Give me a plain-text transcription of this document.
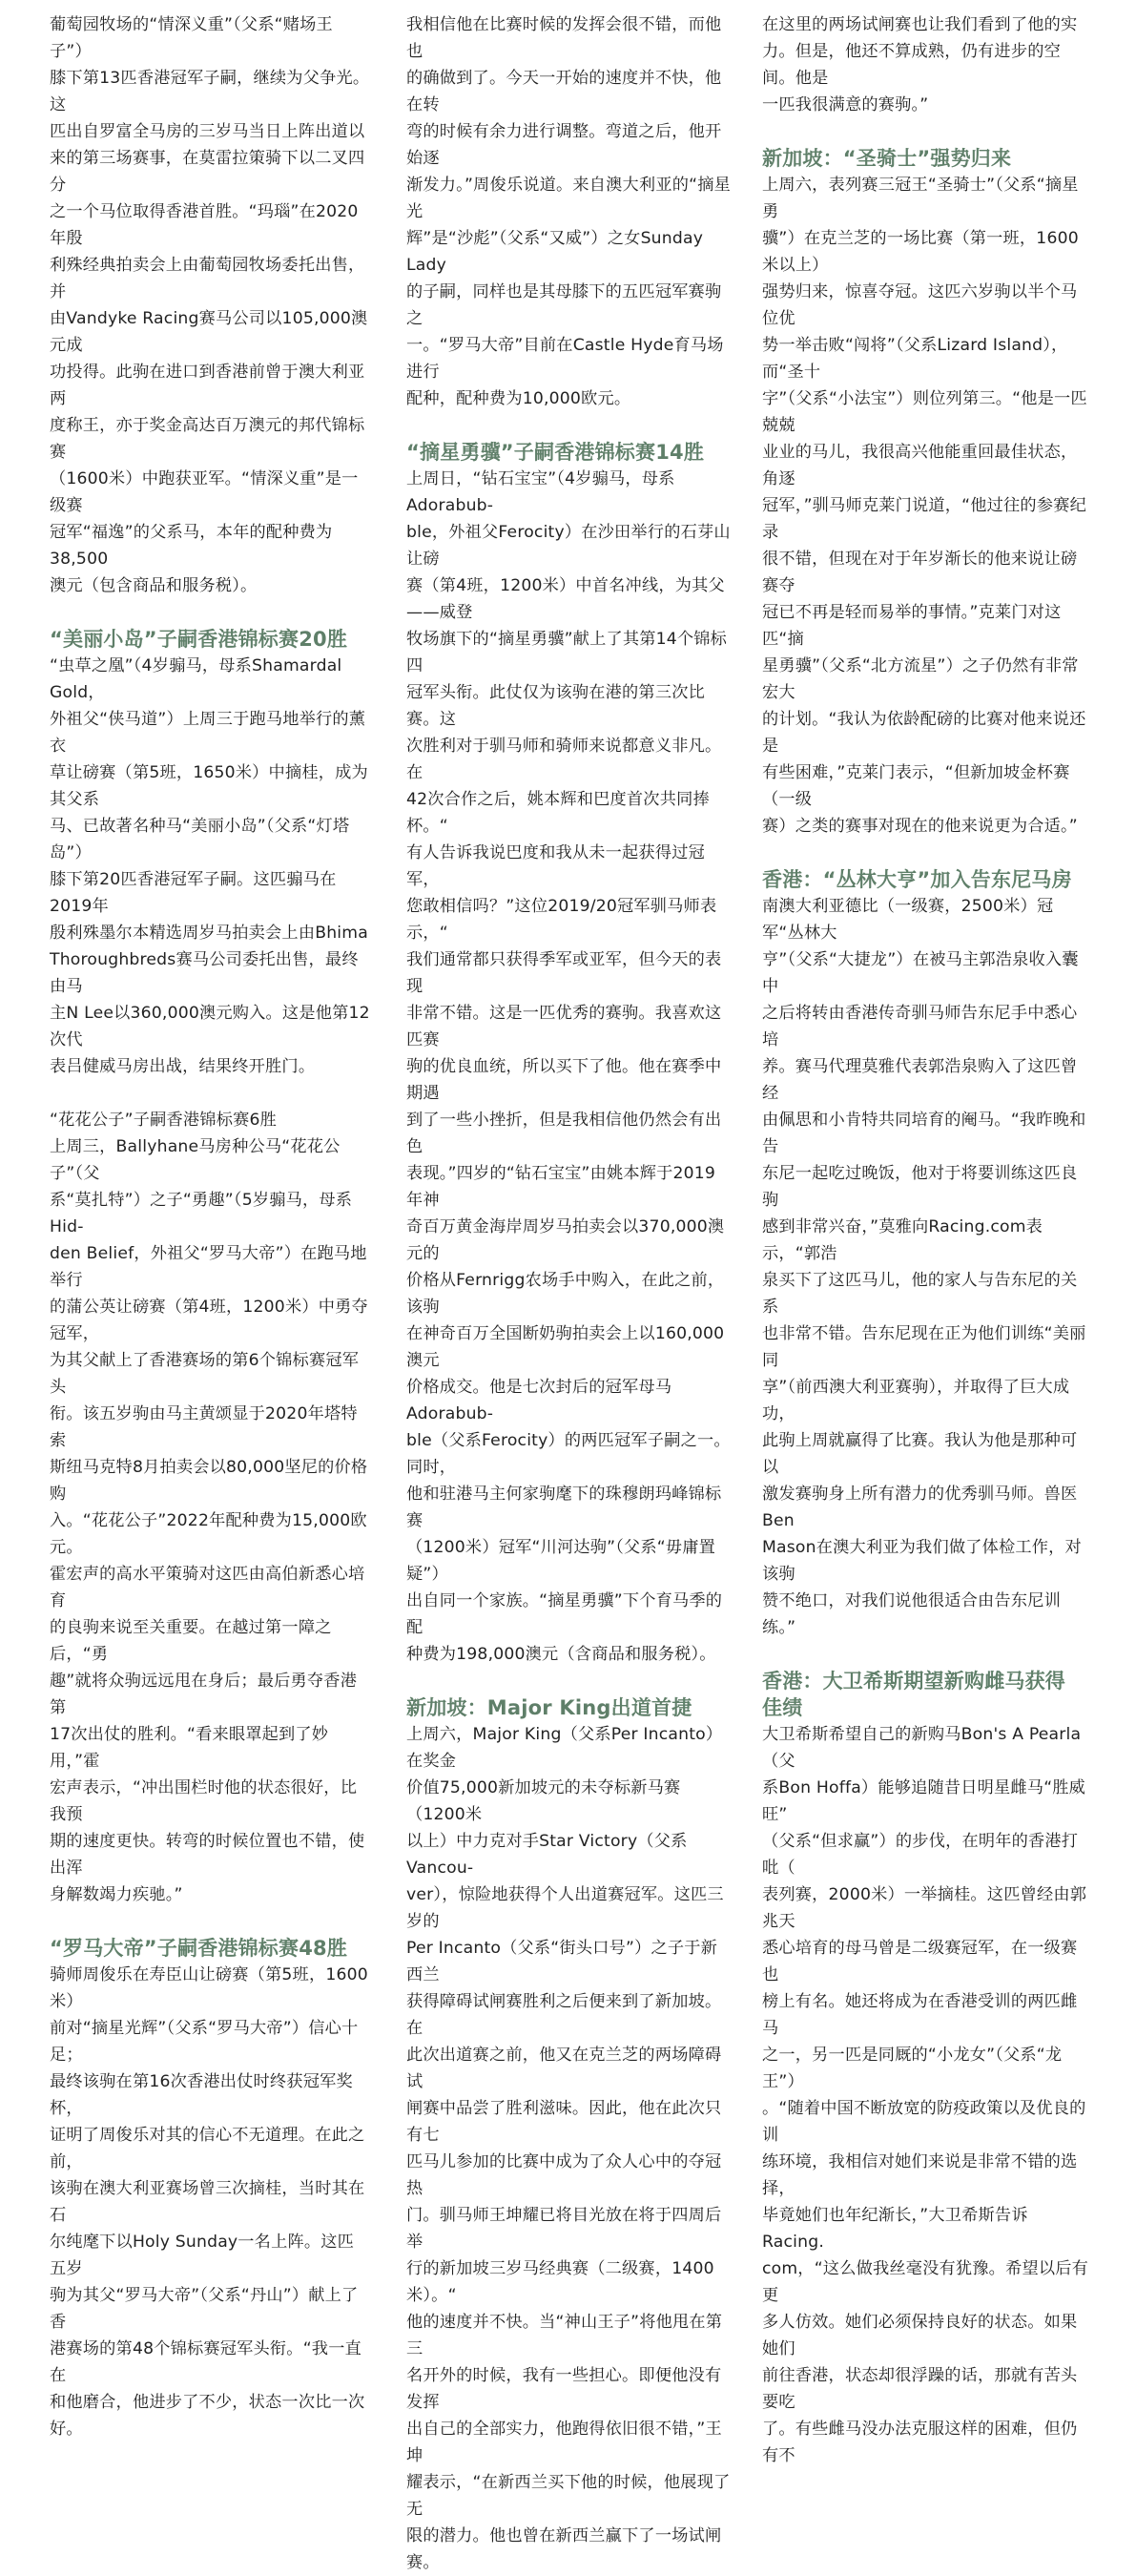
葡萄园牧场的“情深义重”（父系“赌场王子”）
膝下第13匹香港冠军子嗣，继续为父争光。这
匹出自罗富全马房的三岁马当日上阵出道以
来的第三场赛事，在莫雷拉策骑下以二叉四分
之一个马位取得香港首胜。“玛瑙”在2020年殷
利殊经典拍卖会上由葡萄园牧场委托出售，并
由Vandyke Racing赛马公司以105,000澳元成
功投得。此驹在进口到香港前曾于澳大利亚两
度称王，亦于奖金高达百万澳元的邦代锦标赛
（1600米）中跑获亚军。“情深义重”是一级赛
冠军“福逸”的父系马，本年的配种费为38,500
澳元（包含商品和服务税）。

“美丽小岛”子嗣香港锦标赛20胜

“虫草之凰”（4岁骟马，母系Shamardal Gold，
外祖父“侠马道”）上周三于跑马地举行的薰衣
草让磅赛（第5班，1650米）中摘桂，成为其父系
马、已故著名种马“美丽小岛”（父系“灯塔岛”）
膝下第20匹香港冠军子嗣。这匹骟马在2019年
殷利殊墨尔本精选周岁马拍卖会上由Bhima
Thoroughbreds赛马公司委托出售，最终由马
主N Lee以360,000澳元购入。这是他第12次代
表吕健威马房出战，结果终开胜门。

“花花公子”子嗣香港锦标赛6胜

上周三，Ballyhane马房种公马“花花公子”（父
系“莫扎特”）之子“勇趣”（5岁骟马，母系Hid-
den Belief，外祖父“罗马大帝”）在跑马地举行
的蒲公英让磅赛（第4班，1200米）中勇夺冠军，
为其父献上了香港赛场的第6个锦标赛冠军头
衔。该五岁驹由马主黄颂显于2020年塔特索
斯纽马克特8月拍卖会以80,000坚尼的价格购
入。“花花公子”2022年配种费为15,000欧元。
霍宏声的高水平策骑对这匹由高伯新悉心培育
的良驹来说至关重要。在越过第一障之后，“勇
趣”就将众驹远远甩在身后；最后勇夺香港第
17次出仗的胜利。“看来眼罩起到了妙用，”霍
宏声表示，“冲出围栏时他的状态很好，比我预
期的速度更快。转弯的时候位置也不错，使出浑
身解数竭力疾驰。”

“罗马大帝”子嗣香港锦标赛48胜

骑师周俊乐在寿臣山让磅赛（第5班，1600米）
前对“摘星光辉”（父系“罗马大帝”）信心十足；
最终该驹在第16次香港出仗时终获冠军奖杯，
证明了周俊乐对其的信心不无道理。在此之前，
该驹在澳大利亚赛场曾三次摘桂，当时其在石
尔纯麾下以Holy Sunday一名上阵。这匹五岁
驹为其父“罗马大帝”（父系“丹山”）献上了香
港赛场的第48个锦标赛冠军头衔。“我一直在
和他磨合，他进步了不少，状态一次比一次好。

我相信他在比赛时候的发挥会很不错，而他也
的确做到了。今天一开始的速度并不快，他在转
弯的时候有余力进行调整。弯道之后，他开始逐
渐发力。”周俊乐说道。来自澳大利亚的“摘星光
辉”是“沙彪”（父系“又威”）之女Sunday Lady
的子嗣，同样也是其母膝下的五匹冠军赛驹之
一。“罗马大帝”目前在Castle Hyde育马场进行
配种，配种费为10,000欧元。

“摘星勇骥”子嗣香港锦标赛14胜

上周日，“钻石宝宝”（4岁骟马，母系Adorabub-
ble，外祖父Ferocity）在沙田举行的石芽山让磅
赛（第4班，1200米）中首名冲线，为其父——威登
牧场旗下的“摘星勇骥”献上了其第14个锦标四
冠军头衔。此仗仅为该驹在港的第三次比赛。这
次胜利对于驯马师和骑师来说都意义非凡。在
42次合作之后，姚本辉和巴度首次共同捧杯。“
有人告诉我说巴度和我从未一起获得过冠军，
您敢相信吗？”这位2019/20冠军驯马师表示，“
我们通常都只获得季军或亚军，但今天的表现
非常不错。这是一匹优秀的赛驹。我喜欢这匹赛
驹的优良血统，所以买下了他。他在赛季中期遇
到了一些小挫折，但是我相信他仍然会有出色
表现。”四岁的“钻石宝宝”由姚本辉于2019年神
奇百万黄金海岸周岁马拍卖会以370,000澳元的
价格从Fernrigg农场手中购入，在此之前，该驹
在神奇百万全国断奶驹拍卖会上以160,000澳元
价格成交。他是七次封后的冠军母马Adorabub-
ble（父系Ferocity）的两匹冠军子嗣之一。同时，
他和驻港马主何家驹麾下的珠穆朗玛峰锦标赛
（1200米）冠军“川河达驹”（父系“毋庸置疑”）
出自同一个家族。“摘星勇骥”下个育马季的配
种费为198,000澳元（含商品和服务税）。

新加坡：Major King出道首捷

上周六，Major King（父系Per Incanto）在奖金
价值75,000新加坡元的未夺标新马赛（1200米
以上）中力克对手Star Victory（父系Vancou-
ver），惊险地获得个人出道赛冠军。这匹三岁的
Per Incanto（父系“街头口号”）之子于新西兰
获得障碍试闸赛胜利之后便来到了新加坡。在
此次出道赛之前，他又在克兰芝的两场障碍试
闸赛中品尝了胜利滋味。因此，他在此次只有七
匹马儿参加的比赛中成为了众人心中的夺冠热
门。驯马师王坤耀已将目光放在将于四周后举
行的新加坡三岁马经典赛（二级赛，1400米）。“
他的速度并不快。当“神山王子”将他甩在第三
名开外的时候，我有一些担心。即便他没有发挥
出自己的全部实力，他跑得依旧很不错，”王坤
耀表示，“在新西兰买下他的时候，他展现了无
限的潜力。他也曾在新西兰赢下了一场试闸赛。

在这里的两场试闸赛也让我们看到了他的实
力。但是，他还不算成熟，仍有进步的空间。他是
一匹我很满意的赛驹。”

新加坡：“圣骑士”强势归来

上周六，表列赛三冠王“圣骑士”（父系“摘星勇
骥”）在克兰芝的一场比赛（第一班，1600米以上）
强势归来，惊喜夺冠。这匹六岁驹以半个马位优
势一举击败“闯将”（父系Lizard Island），而“圣十
字”（父系“小法宝”）则位列第三。“他是一匹兢兢
业业的马儿，我很高兴他能重回最佳状态，角逐
冠军，”驯马师克莱门说道，“他过往的参赛纪录
很不错，但现在对于年岁渐长的他来说让磅赛夺
冠已不再是轻而易举的事情。”克莱门对这匹“摘
星勇骥”（父系“北方流星”）之子仍然有非常宏大
的计划。“我认为依龄配磅的比赛对他来说还是
有些困难，”克莱门表示，“但新加坡金杯赛（一级
赛）之类的赛事对现在的他来说更为合适。”

香港：“丛林大亨”加入告东尼马房

南澳大利亚德比（一级赛，2500米）冠军“丛林大
亨”（父系“大捷龙”）在被马主郭浩泉收入囊中
之后将转由香港传奇驯马师告东尼手中悉心培
养。赛马代理莫雅代表郭浩泉购入了这匹曾经
由佩思和小肯特共同培育的阉马。“我昨晚和告
东尼一起吃过晚饭，他对于将要训练这匹良驹
感到非常兴奋，”莫雅向Racing.com表示，“郭浩
泉买下了这匹马儿，他的家人与告东尼的关系
也非常不错。告东尼现在正为他们训练“美丽同
享”（前西澳大利亚赛驹），并取得了巨大成功，
此驹上周就赢得了比赛。我认为他是那种可以
激发赛驹身上所有潜力的优秀驯马师。兽医Ben
Mason在澳大利亚为我们做了体检工作，对该驹
赞不绝口，对我们说他很适合由告东尼训练。”

香港：大卫希斯期望新购雌马获得
佳绩

大卫希斯希望自己的新购马Bon's A Pearla（父
系Bon Hoffa）能够追随昔日明星雌马“胜威旺”
（父系“但求赢”）的步伐，在明年的香港打吡（
表列赛，2000米）一举摘桂。这匹曾经由郭兆天
悉心培育的母马曾是二级赛冠军，在一级赛也
榜上有名。她还将成为在香港受训的两匹雌马
之一，另一匹是同厩的“小龙女”（父系“龙王”）
。“随着中国不断放宽的防疫政策以及优良的训
练环境，我相信对她们来说是非常不错的选择，
毕竟她们也年纪渐长，”大卫希斯告诉Racing.
com，“这么做我丝毫没有犹豫。希望以后有更
多人仿效。她们必须保持良好的状态。如果她们
前往香港，状态却很浮躁的话，那就有苦头要吃
了。有些雌马没办法克服这样的困难，但仍有不
